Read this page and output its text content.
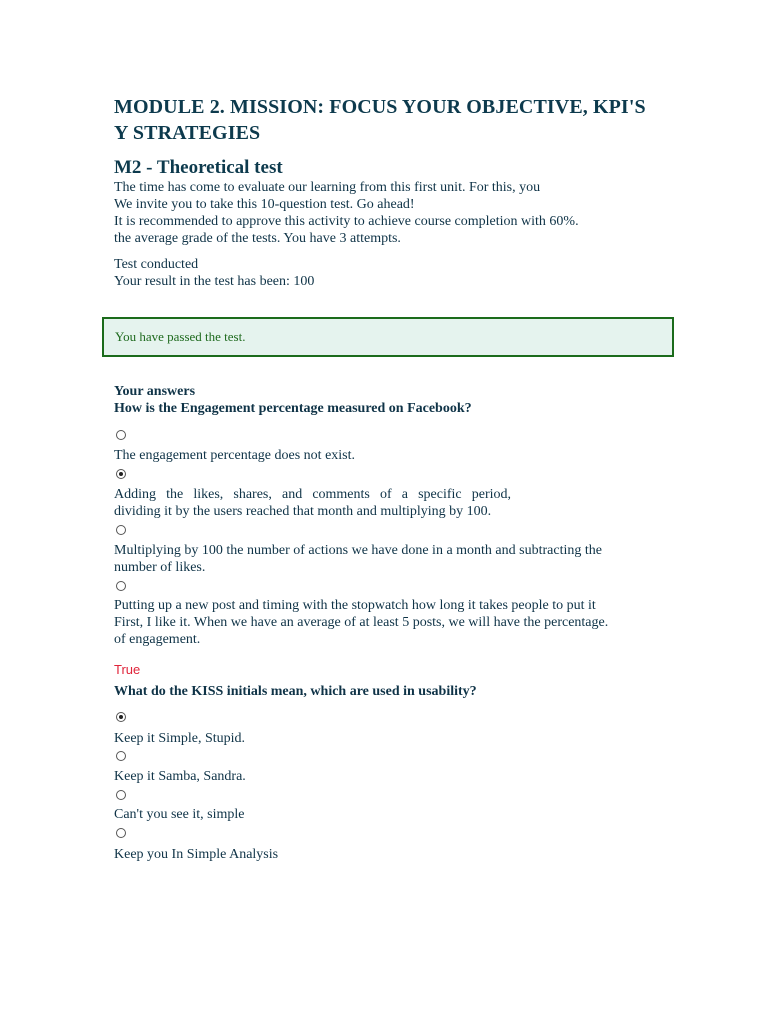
MODULE 2. MISSION: FOCUS YOUR OBJECTIVE, KPI'S
Y STRATEGIES
M2 - Theoretical test
The time has come to evaluate our learning from this first unit. For this, you
We invite you to take this 10-question test. Go ahead!
It is recommended to approve this activity to achieve course completion with 60%.
the average grade of the tests. You have 3 attempts.
Test conducted
Your result in the test has been: 100
You have passed the test.
Your answers
How is the Engagement percentage measured on Facebook?
The engagement percentage does not exist.
Adding the likes, shares, and comments of a specific period,
dividing it by the users reached that month and multiplying by 100.
Multiplying by 100 the number of actions we have done in a month and subtracting the
number of likes.
Putting up a new post and timing with the stopwatch how long it takes people to put it
First, I like it. When we have an average of at least 5 posts, we will have the percentage.
of engagement.
True
What do the KISS initials mean, which are used in usability?
Keep it Simple, Stupid.
Keep it Samba, Sandra.
Can't you see it, simple
Keep you In Simple Analysis
